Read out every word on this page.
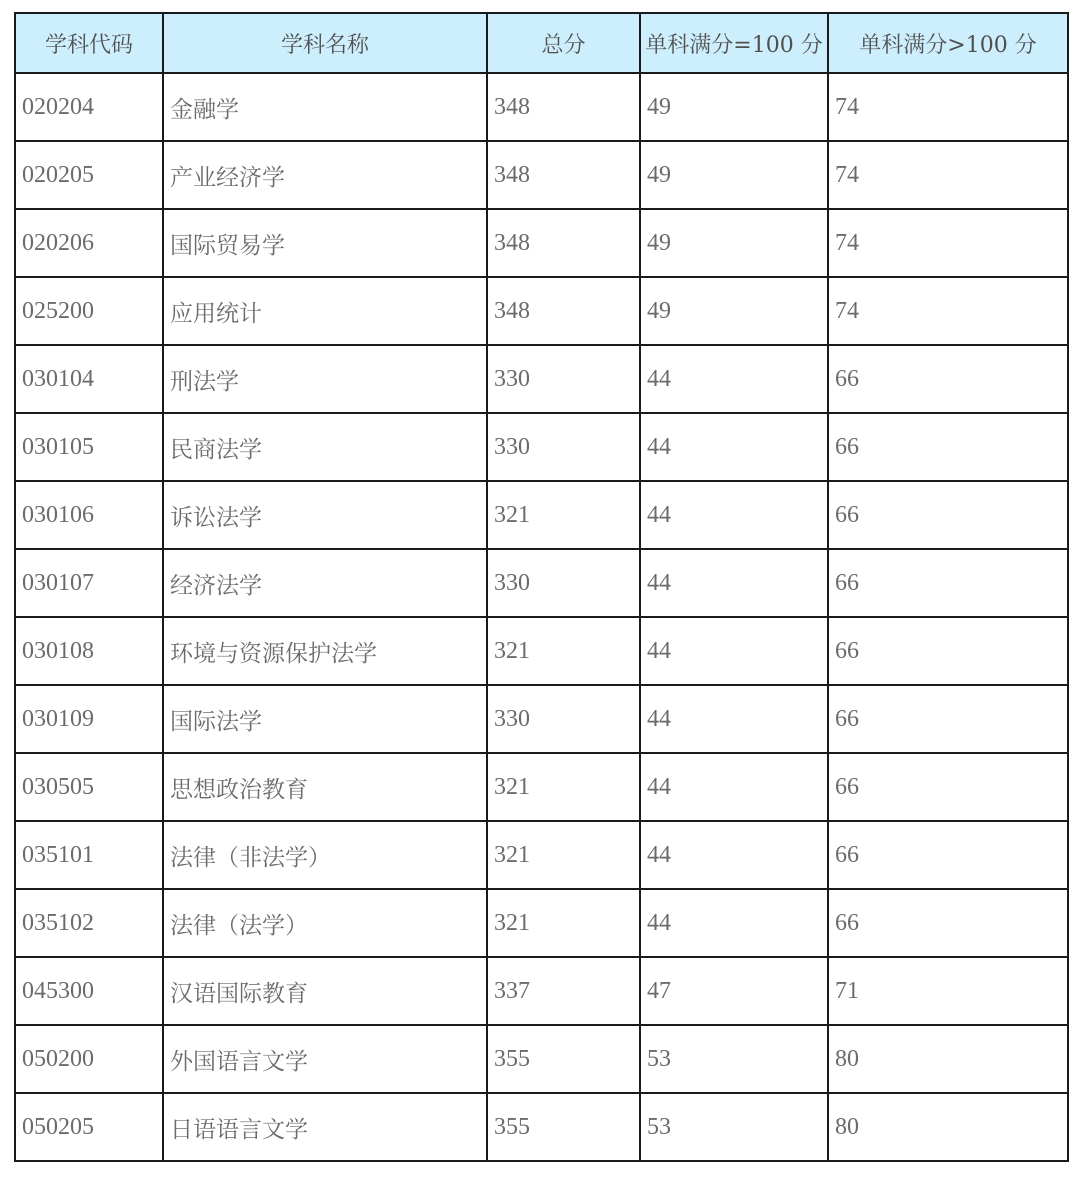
学科代码	学科名称	总分	单科满分=100 分	单科满分>100 分
020204	金融学	348	49	74
020205	产业经济学	348	49	74
020206	国际贸易学	348	49	74
025200	应用统计	348	49	74
030104	刑法学	330	44	66
030105	民商法学	330	44	66
030106	诉讼法学	321	44	66
030107	经济法学	330	44	66
030108	环境与资源保护法学	321	44	66
030109	国际法学	330	44	66
030505	思想政治教育	321	44	66
035101	法律（非法学）	321	44	66
035102	法律（法学）	321	44	66
045300	汉语国际教育	337	47	71
050200	外国语言文学	355	53	80
050205	日语语言文学	355	53	80
